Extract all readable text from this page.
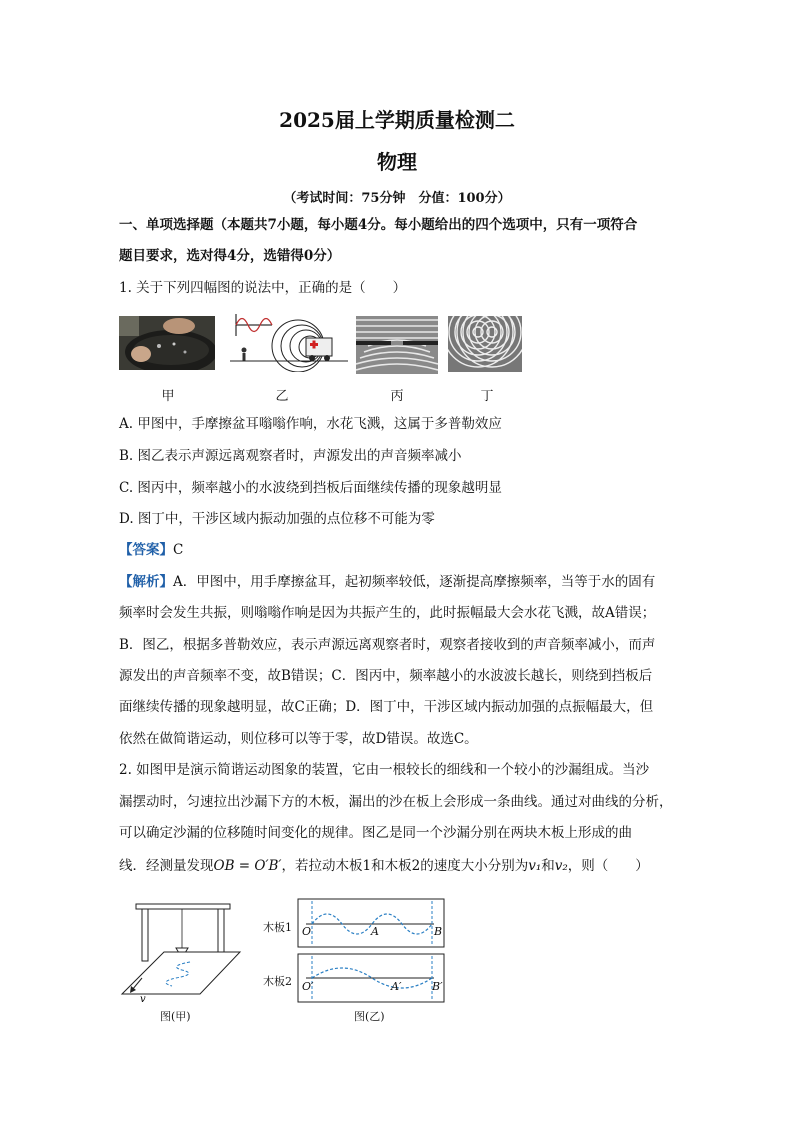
2025届上学期质量检测二
物理
（考试时间：75分钟　分值：100分）
一、单项选择题（本题共7小题，每小题4分。每小题给出的四个选项中，只有一项符合
题目要求，选对得4分，选错得0分）
1. 关于下列四幅图的说法中，正确的是（　　）
甲	乙	丙	丁
A. 甲图中，手摩擦盆耳嗡嗡作响，水花飞溅，这属于多普勒效应
B. 图乙表示声源远离观察者时，声源发出的声音频率减小
C. 图丙中，频率越小的水波绕到挡板后面继续传播的现象越明显
D. 图丁中，干涉区域内振动加强的点位移不可能为零
【答案】C
【解析】A．甲图中，用手摩擦盆耳，起初频率较低，逐渐提高摩擦频率，当等于水的固有
频率时会发生共振，则嗡嗡作响是因为共振产生的，此时振幅最大会水花飞溅，故A错误；
B．图乙，根据多普勒效应，表示声源远离观察者时，观察者接收到的声音频率减小，而声
源发出的声音频率不变，故B错误；C．图丙中，频率越小的水波波长越长，则绕到挡板后
面继续传播的现象越明显，故C正确；D．图丁中，干涉区域内振动加强的点振幅最大，但
依然在做简谐运动，则位移可以等于零，故D错误。故选C。
2. 如图甲是演示简谐运动图象的装置，它由一根较长的细线和一个较小的沙漏组成。当沙
漏摆动时，匀速拉出沙漏下方的木板，漏出的沙在板上会形成一条曲线。通过对曲线的分析，
可以确定沙漏的位移随时间变化的规律。图乙是同一个沙漏分别在两块木板上形成的曲
线．经测量发现OB = O′B′，若拉动木板1和木板2的速度大小分别为v₁和v₂，则（　　）
v
图(甲)
木板1
木板2
O	A	B
O′	A′	B′
图(乙)
